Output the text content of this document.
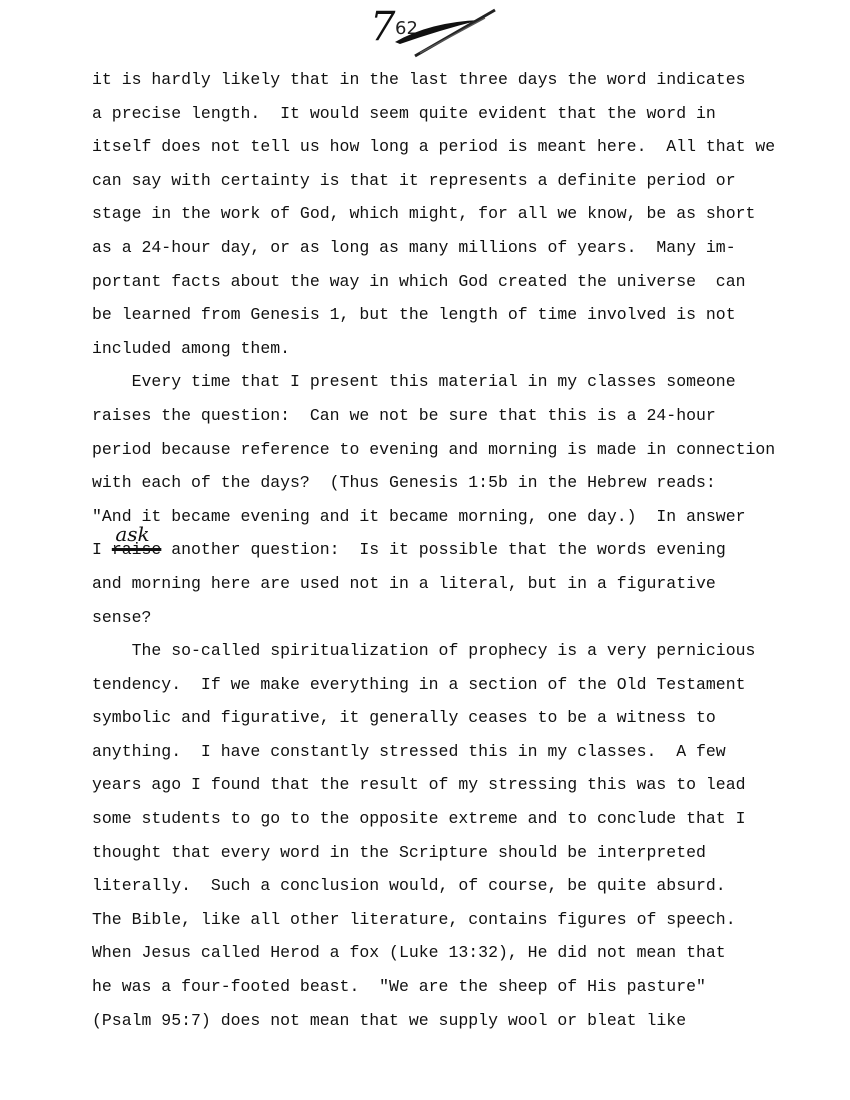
7 62
it is hardly likely that in the last three days the word indicates
a precise length.  It would seem quite evident that the word in
itself does not tell us how long a period is meant here.  All that we
can say with certainty is that it represents a definite period or
stage in the work of God, which might, for all we know, be as short
as a 24-hour day, or as long as many millions of years.  Many im-
portant facts about the way in which God created the universe  can
be learned from Genesis 1, but the length of time involved is not
included among them.
Every time that I present this material in my classes someone
raises the question:  Can we not be sure that this is a 24-hour
period because reference to evening and morning is made in connection
with each of the days?  (Thus Genesis 1:5b in the Hebrew reads:
"And it became evening and it became morning, one day.)  In answer
I raise
ask
another question:  Is it possible that the words evening
and morning here are used not in a literal, but in a figurative
sense?
The so-called spiritualization of prophecy is a very pernicious
tendency.  If we make everything in a section of the Old Testament
symbolic and figurative, it generally ceases to be a witness to
anything.  I have constantly stressed this in my classes.  A few
years ago I found that the result of my stressing this was to lead
some students to go to the opposite extreme and to conclude that I
thought that every word in the Scripture should be interpreted
literally.  Such a conclusion would, of course, be quite absurd.
The Bible, like all other literature, contains figures of speech.
When Jesus called Herod a fox (Luke 13:32), He did not mean that
he was a four-footed beast.  "We are the sheep of His pasture"
(Psalm 95:7) does not mean that we supply wool or bleat like
